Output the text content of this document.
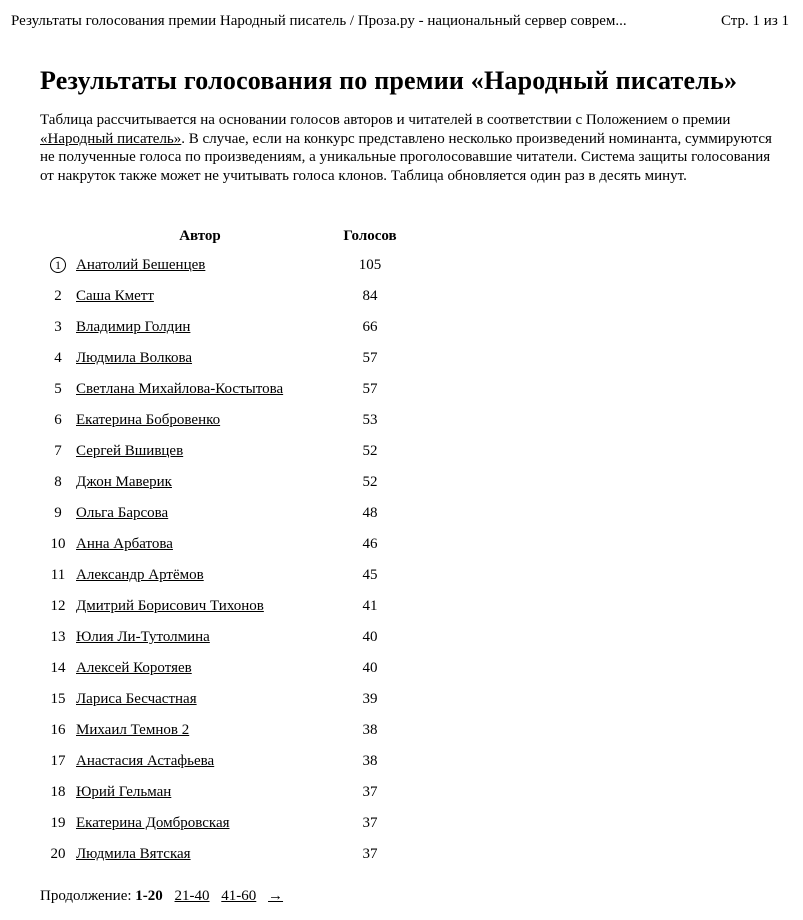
Результаты голосования премии Народный писатель / Проза.ру - национальный сервер соврем...	Стр. 1 из 1
Результаты голосования по премии «Народный писатель»

Таблица рассчитывается на основании голосов авторов и читателей в соответствии с Положением о премии «Народный писатель». В случае, если на конкурс представлено несколько произведений номинанта, суммируются не полученные голоса по произведениям, а уникальные проголосовавшие читатели. Система защиты голосования от накруток также может не учитывать голоса клонов. Таблица обновляется один раз в десять минут.

	Автор	Голосов
1	Анатолий Бешенцев	105
2	Саша Кметт	84
3	Владимир Голдин	66
4	Людмила Волкова	57
5	Светлана Михайлова-Костытова	57
6	Екатерина Бобровенко	53
7	Сергей Вшивцев	52
8	Джон Маверик	52
9	Ольга Барсова	48
10	Анна Арбатова	46
11	Александр Артёмов	45
12	Дмитрий Борисович Тихонов	41
13	Юлия Ли-Тутолмина	40
14	Алексей Коротяев	40
15	Лариса Бесчастная	39
16	Михаил Темнов 2	38
17	Анастасия Астафьева	38
18	Юрий Гельман	37
19	Екатерина Домбровская	37
20	Людмила Вятская	37
Продолжение: 1-20 21-40 41-60 →
